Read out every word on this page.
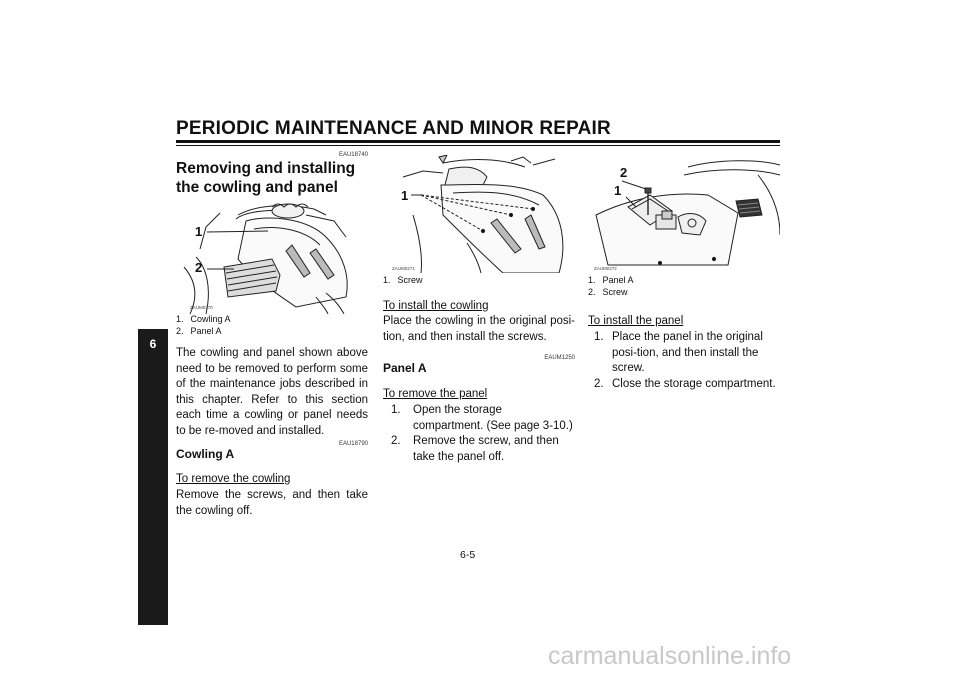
PERIODIC MAINTENANCE AND MINOR REPAIR
6
EAU18740
Removing and installing the cowling and panel
1
2
ZAUM0270
1. Cowling A
2. Panel A
The cowling and panel shown above need to be removed to perform some of the maintenance jobs described in this chapter. Refer to this section each time a cowling or panel needs to be re-moved and installed.
EAU18790
Cowling A
To remove the cowling
Remove the screws, and then take the cowling off.
1
ZAUM0271
1. Screw
To install the cowling
Place the cowling in the original posi-tion, and then install the screws.
EAUM1250
Panel A
To remove the panel
1. Open the storage compartment. (See page 3-10.)
2. Remove the screw, and then take the panel off.
2
1
ZAUM0272
1. Panel A
2. Screw
To install the panel
1. Place the panel in the original posi-tion, and then install the screw.
2. Close the storage compartment.
6-5
carmanualsonline.info
